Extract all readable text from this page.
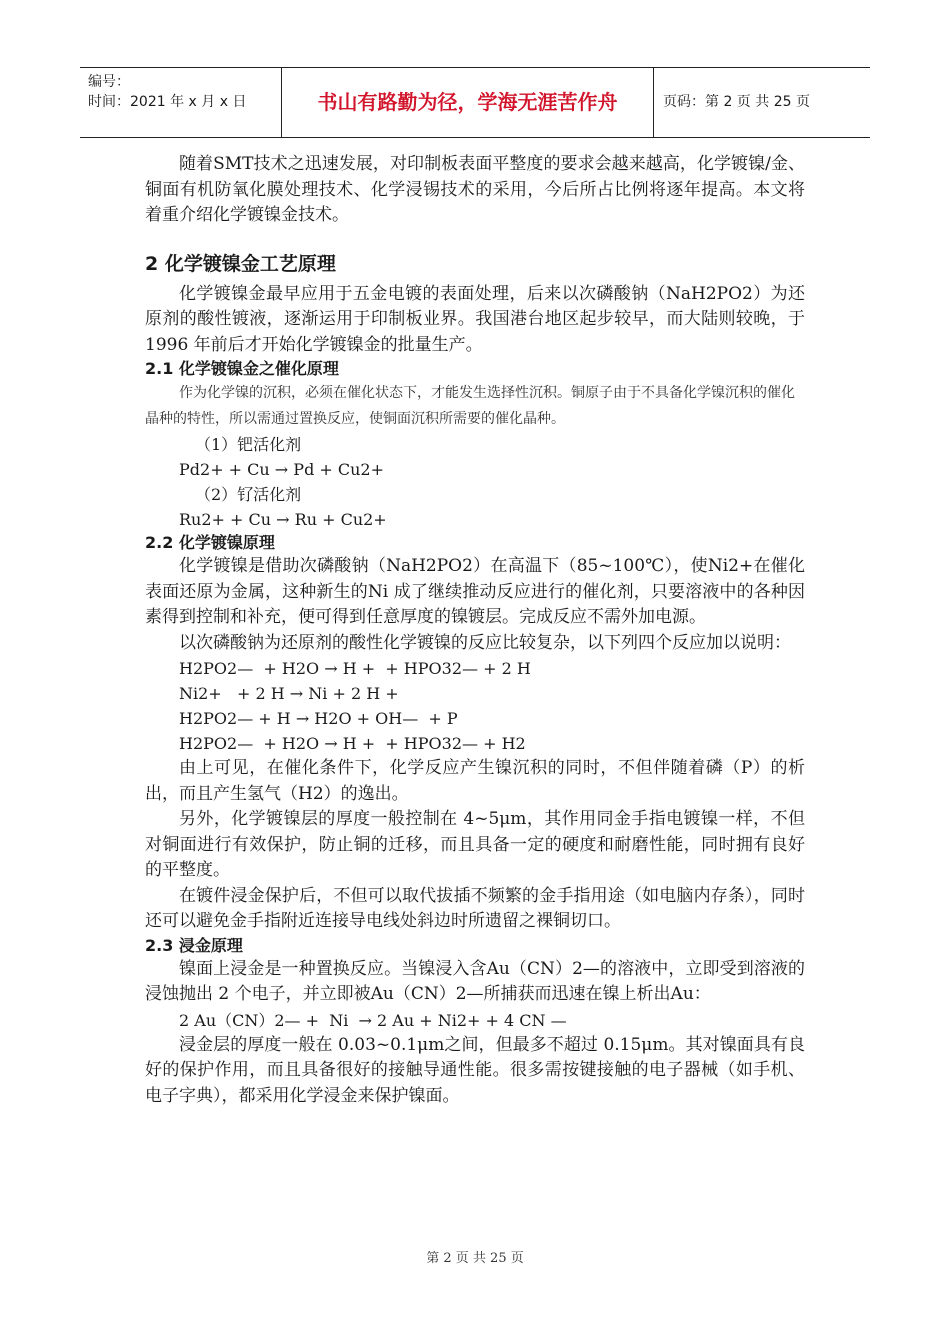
编号：
时间：2021 年 x 月 x 日	书山有路勤为径，学海无涯苦作舟	页码：第 2 页 共 25 页

随着SMT技术之迅速发展，对印制板表面平整度的要求会越来越高，化学镀镍/金、铜面有机防氧化膜处理技术、化学浸锡技术的采用，今后所占比例将逐年提高。本文将着重介绍化学镀镍金技术。

2 化学镀镍金工艺原理

化学镀镍金最早应用于五金电镀的表面处理，后来以次磷酸钠（NaH2PO2）为还原剂的酸性镀液，逐渐运用于印制板业界。我国港台地区起步较早，而大陆则较晚，于 1996 年前后才开始化学镀镍金的批量生产。

2.1 化学镀镍金之催化原理

作为化学镍的沉积，必须在催化状态下，才能发生选择性沉积。铜原子由于不具备化学镍沉积的催化晶种的特性，所以需通过置换反应，使铜面沉积所需要的催化晶种。

（1）钯活化剂
Pd2+ + Cu → Pd + Cu2+
（2）钌活化剂
Ru2+ + Cu → Ru + Cu2+
2.2 化学镀镍原理

化学镀镍是借助次磷酸钠（NaH2PO2）在高温下（85~100℃），使Ni2+在催化表面还原为金属，这种新生的Ni 成了继续推动反应进行的催化剂，只要溶液中的各种因素得到控制和补充，便可得到任意厚度的镍镀层。完成反应不需外加电源。

以次磷酸钠为还原剂的酸性化学镀镍的反应比较复杂，以下列四个反应加以说明：

H2PO2—  + H2O → H +  + HPO32— + 2 H
Ni2+   + 2 H → Ni + 2 H +
H2PO2— + H → H2O + OH—  + P
H2PO2—  + H2O → H +  + HPO32— + H2

由上可见，在催化条件下，化学反应产生镍沉积的同时，不但伴随着磷（P）的析出，而且产生氢气（H2）的逸出。

另外，化学镀镍层的厚度一般控制在 4~5μm，其作用同金手指电镀镍一样，不但对铜面进行有效保护，防止铜的迁移，而且具备一定的硬度和耐磨性能，同时拥有良好的平整度。

在镀件浸金保护后，不但可以取代拔插不频繁的金手指用途（如电脑内存条），同时还可以避免金手指附近连接导电线处斜边时所遗留之裸铜切口。

2.3 浸金原理

镍面上浸金是一种置换反应。当镍浸入含Au（CN）2—的溶液中，立即受到溶液的浸蚀抛出 2 个电子，并立即被Au（CN）2—所捕获而迅速在镍上析出Au：

2 Au（CN）2— +  Ni  → 2 Au + Ni2+ + 4 CN —

浸金层的厚度一般在 0.03~0.1μm之间，但最多不超过 0.15μm。其对镍面具有良好的保护作用，而且具备很好的接触导通性能。很多需按键接触的电子器械（如手机、电子字典），都采用化学浸金来保护镍面。

第 2 页 共 25 页
